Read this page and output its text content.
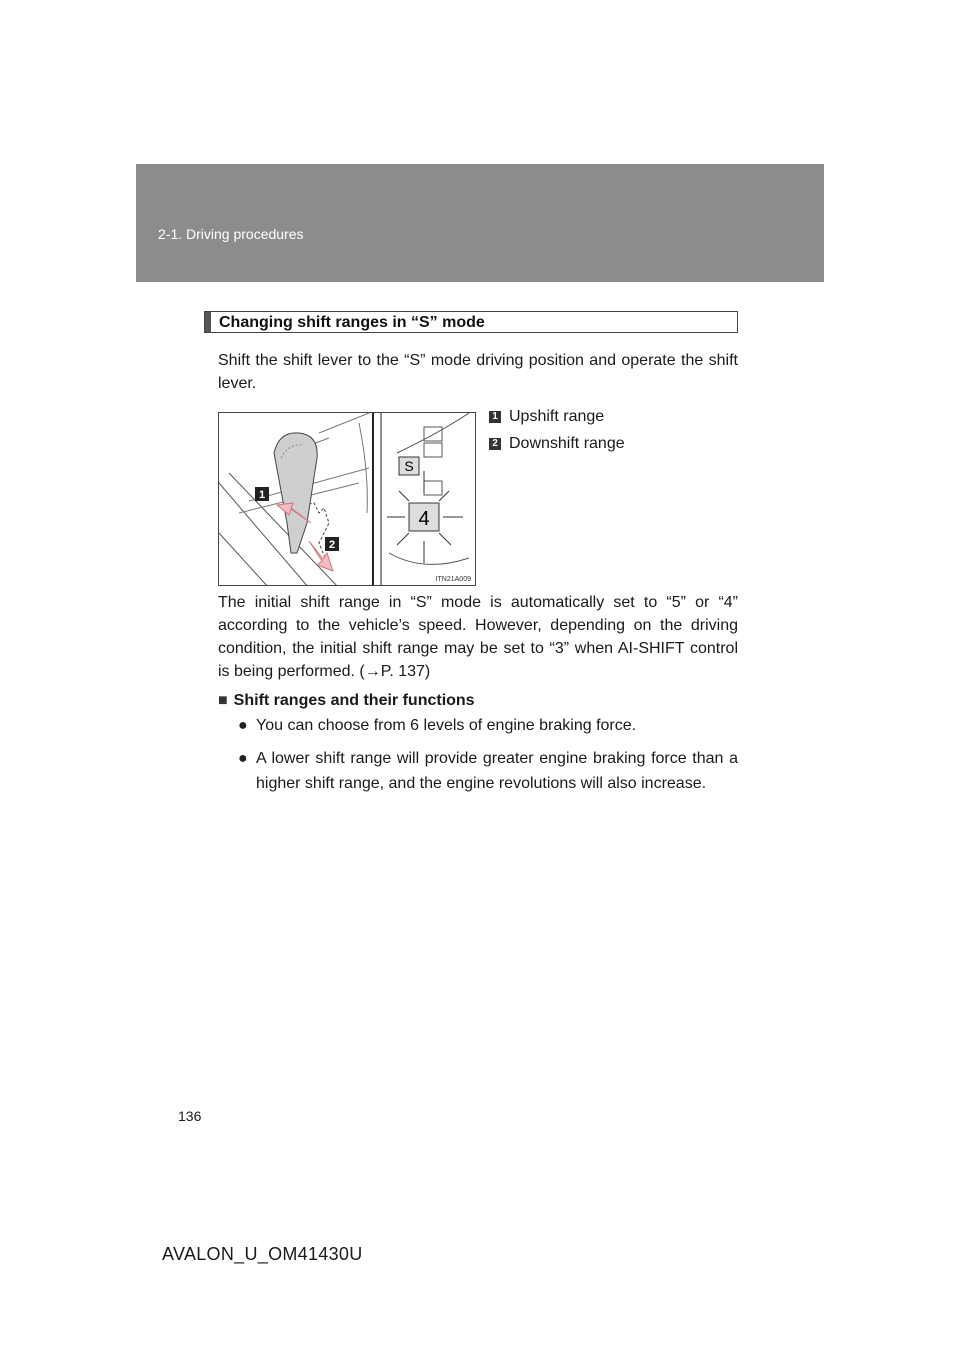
2-1. Driving procedures
Changing shift ranges in “S” mode
Shift the shift lever to the “S” mode driving position and operate the shift lever.
1
2
S
4
ITN21A009
1 Upshift range
2 Downshift range
The initial shift range in “S” mode is automatically set to “5” or “4” according to the vehicle’s speed. However, depending on the driving condition, the initial shift range may be set to “3” when AI-SHIFT control is being performed. (→P. 137)
■ Shift ranges and their functions
● You can choose from 6 levels of engine braking force.
● A lower shift range will provide greater engine braking force than a higher shift range, and the engine revolutions will also increase.
136
AVALON_U_OM41430U
